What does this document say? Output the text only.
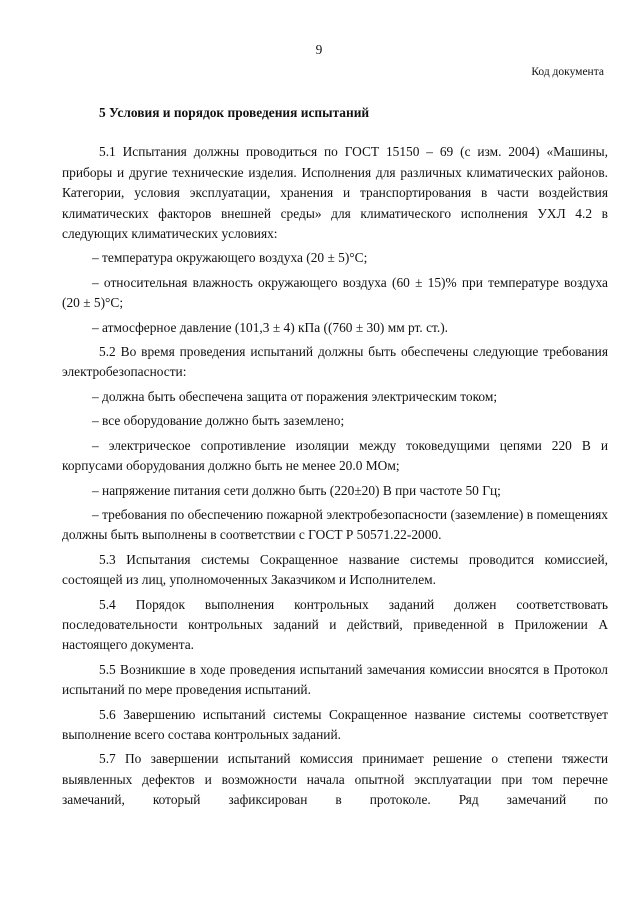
9
Код документа
5 Условия и порядок проведения испытаний
5.1 Испытания должны проводиться по ГОСТ 15150 – 69 (с изм. 2004) «Машины, приборы и другие технические изделия. Исполнения для различных климатических районов. Категории, условия эксплуатации, хранения и транспортирования в части воздействия климатических факторов внешней среды» для климатического исполнения УХЛ 4.2 в следующих климатических условиях:
– температура окружающего воздуха (20 ± 5)°C;
– относительная влажность окружающего воздуха (60 ± 15)% при температуре воздуха (20 ± 5)°C;
– атмосферное давление (101,3 ± 4) кПа ((760 ± 30) мм рт. ст.).
5.2 Во время проведения испытаний должны быть обеспечены следующие требования электробезопасности:
– должна быть обеспечена защита от поражения электрическим током;
– все оборудование должно быть заземлено;
– электрическое сопротивление изоляции между токоведущими цепями 220 В и корпусами оборудования должно быть не менее 20.0 МОм;
– напряжение питания сети должно быть (220±20) В при частоте 50 Гц;
– требования по обеспечению пожарной электробезопасности (заземление) в помещениях должны быть выполнены в соответствии с ГОСТ Р 50571.22-2000.
5.3 Испытания системы Сокращенное название системы проводится комиссией, состоящей из лиц, уполномоченных Заказчиком и Исполнителем.
5.4 Порядок выполнения контрольных заданий должен соответствовать последовательности контрольных заданий и действий, приведенной в Приложении А настоящего документа.
5.5 Возникшие в ходе проведения испытаний замечания комиссии вносятся в Протокол испытаний по мере проведения испытаний.
5.6 Завершению испытаний системы Сокращенное название системы соответствует выполнение всего состава контрольных заданий.
5.7 По завершении испытаний комиссия принимает решение о степени тяжести выявленных дефектов и возможности начала опытной эксплуатации при том перечне замечаний, который зафиксирован в протоколе. Ряд замечаний по
